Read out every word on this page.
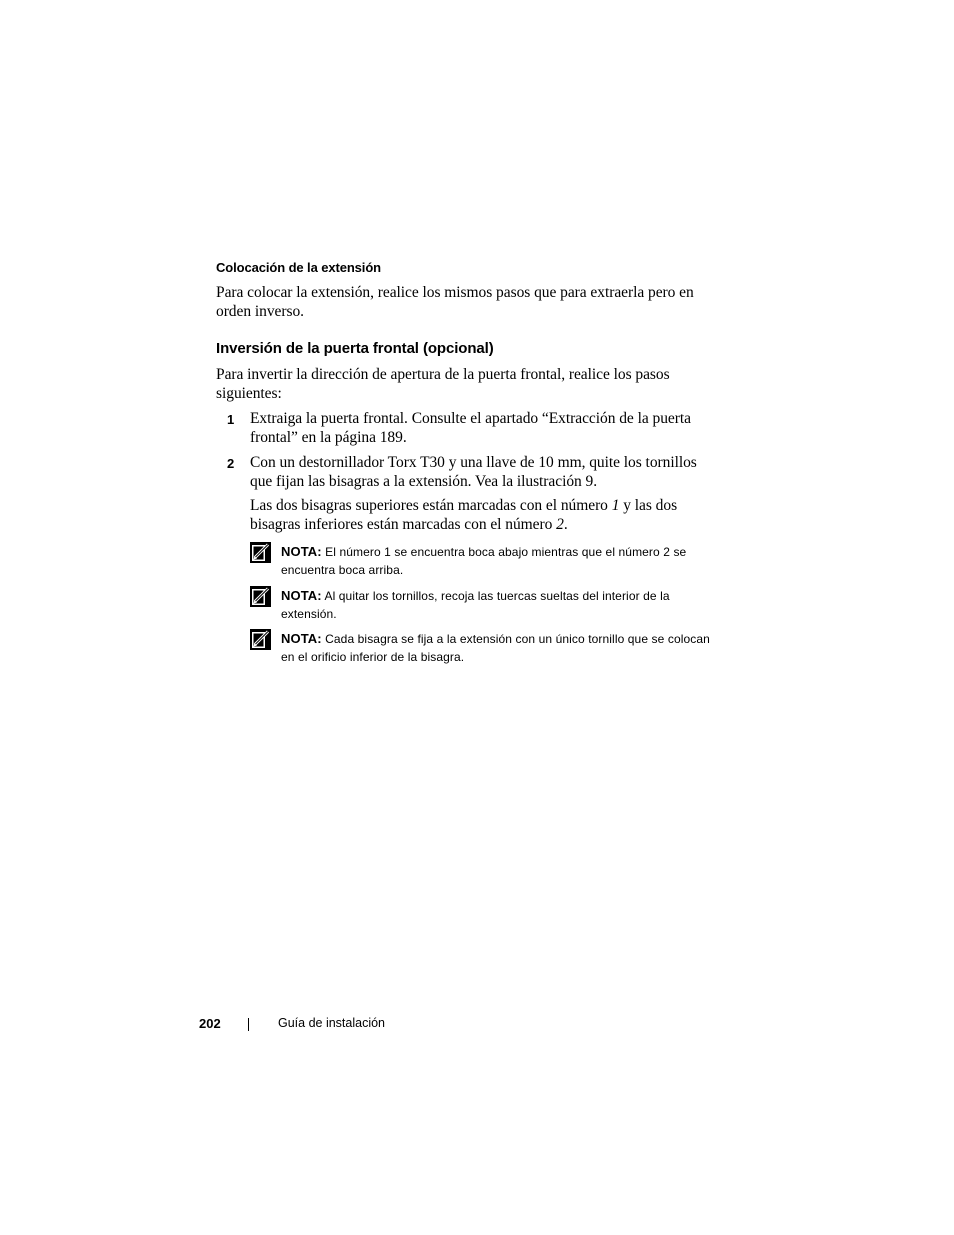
Colocación de la extensión
Para colocar la extensión, realice los mismos pasos que para extraerla pero en orden inverso.
Inversión de la puerta frontal (opcional)
Para invertir la dirección de apertura de la puerta frontal, realice los pasos siguientes:
1 Extraiga la puerta frontal. Consulte el apartado “Extracción de la puerta frontal” en la página 189.
2 Con un destornillador Torx T30 y una llave de 10 mm, quite los tornillos que fijan las bisagras a la extensión. Vea la ilustración 9.
Las dos bisagras superiores están marcadas con el número 1 y las dos bisagras inferiores están marcadas con el número 2.
NOTA: El número 1 se encuentra boca abajo mientras que el número 2 se encuentra boca arriba.
NOTA: Al quitar los tornillos, recoja las tuercas sueltas del interior de la extensión.
NOTA: Cada bisagra se fija a la extensión con un único tornillo que se colocan en el orificio inferior de la bisagra.
202	Guía de instalación
